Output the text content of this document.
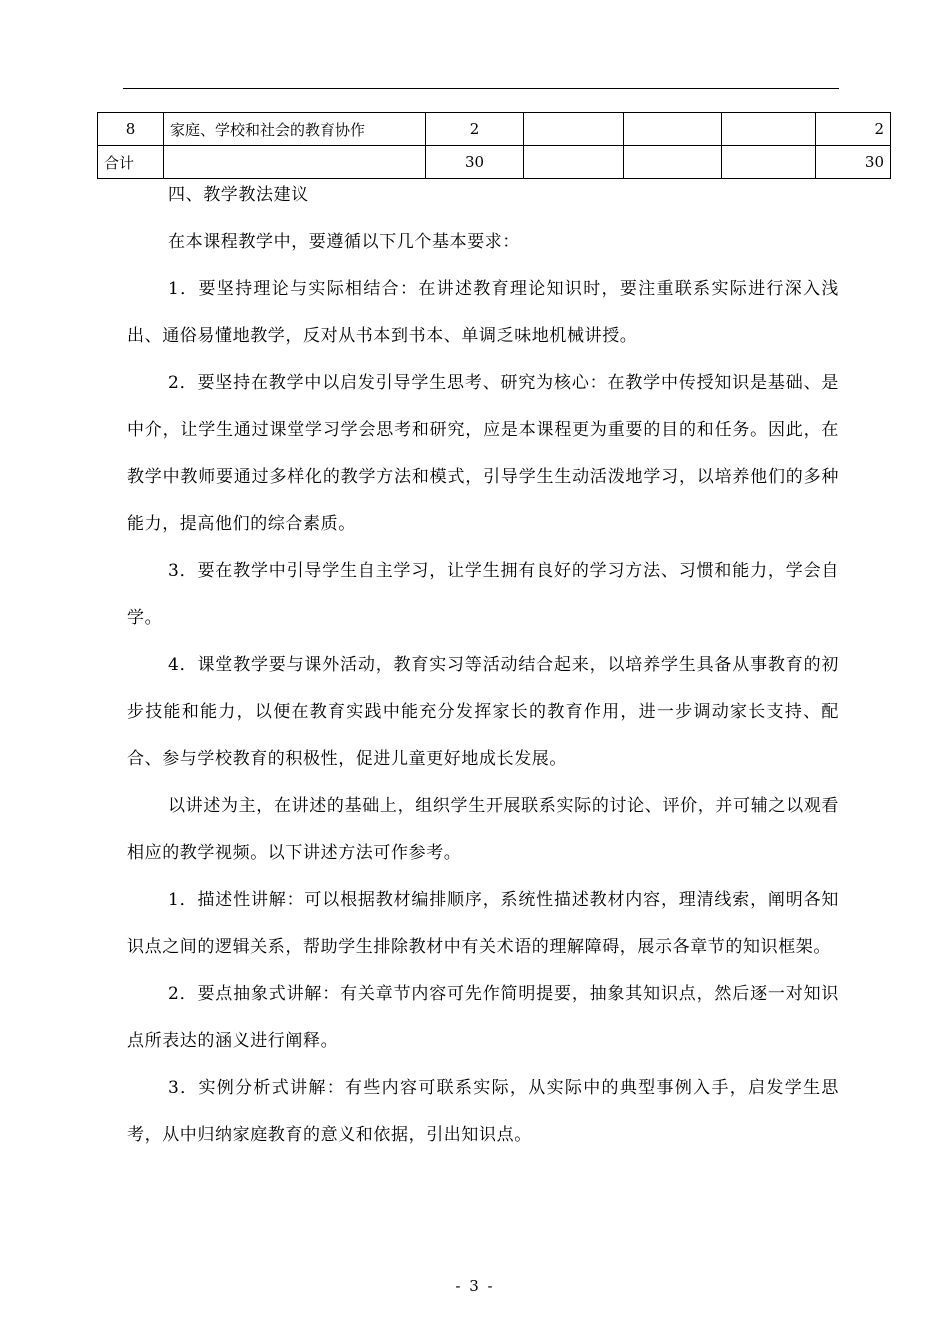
8	家庭、学校和社会的教育协作	2				2
合计		30				30

四、教学教法建议

在本课程教学中，要遵循以下几个基本要求：

1．要坚持理论与实际相结合：在讲述教育理论知识时，要注重联系实际进行深入浅出、通俗易懂地教学，反对从书本到书本、单调乏味地机械讲授。

2．要坚持在教学中以启发引导学生思考、研究为核心：在教学中传授知识是基础、是中介，让学生通过课堂学习学会思考和研究，应是本课程更为重要的目的和任务。因此，在教学中教师要通过多样化的教学方法和模式，引导学生生动活泼地学习，以培养他们的多种能力，提高他们的综合素质。

3．要在教学中引导学生自主学习，让学生拥有良好的学习方法、习惯和能力，学会自学。

4．课堂教学要与课外活动，教育实习等活动结合起来，以培养学生具备从事教育的初步技能和能力，以便在教育实践中能充分发挥家长的教育作用，进一步调动家长支持、配合、参与学校教育的积极性，促进儿童更好地成长发展。

以讲述为主，在讲述的基础上，组织学生开展联系实际的讨论、评价，并可辅之以观看相应的教学视频。以下讲述方法可作参考。

1．描述性讲解：可以根据教材编排顺序，系统性描述教材内容，理清线索，阐明各知识点之间的逻辑关系，帮助学生排除教材中有关术语的理解障碍，展示各章节的知识框架。

2．要点抽象式讲解：有关章节内容可先作简明提要，抽象其知识点，然后逐一对知识点所表达的涵义进行阐释。

3．实例分析式讲解：有些内容可联系实际，从实际中的典型事例入手，启发学生思考，从中归纳家庭教育的意义和依据，引出知识点。

- 3 -
